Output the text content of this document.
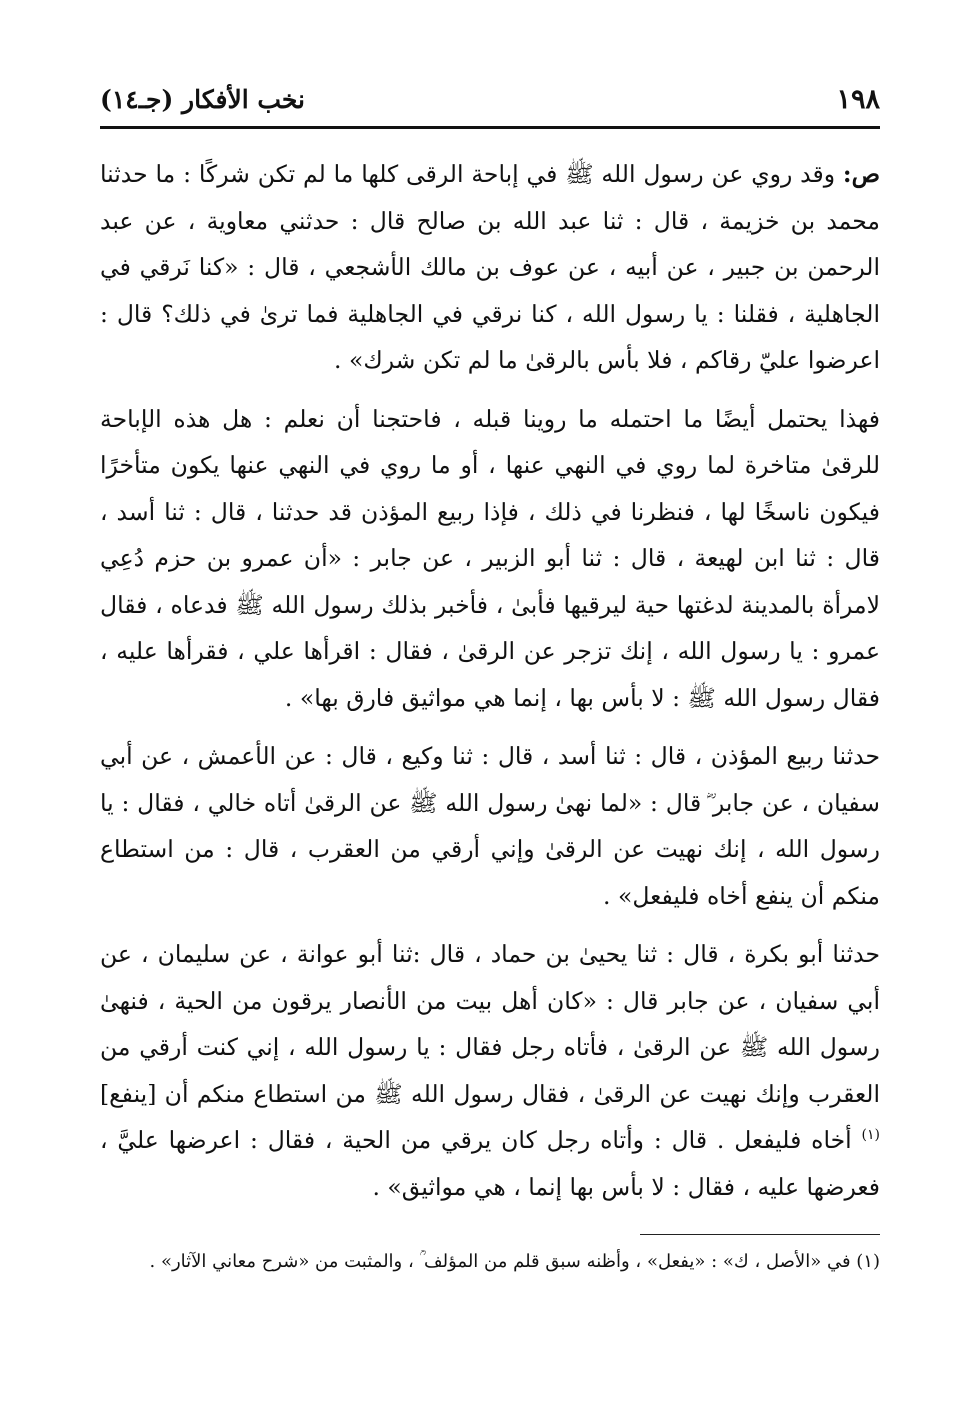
١٩٨
نخب الأفكار (جـ١٤)

ص: وقد روي عن رسول الله ﷺ في إباحة الرقى كلها ما لم تكن شركًا : ما حدثنا محمد بن خزيمة ، قال : ثنا عبد الله بن صالح قال : حدثني معاوية ، عن عبد الرحمن بن جبير ، عن أبيه ، عن عوف بن مالك الأشجعي ، قال : «كنا نَرقي في الجاهلية ، فقلنا : يا رسول الله ، كنا نرقي في الجاهلية فما ترىٰ في ذلك؟ قال : اعرضوا عليّ رقاكم ، فلا بأس بالرقىٰ ما لم تكن شرك» .

فهذا يحتمل أيضًا ما احتمله ما روينا قبله ، فاحتجنا أن نعلم : هل هذه الإباحة للرقىٰ متاخرة لما روي في النهي عنها ، أو ما روي في النهي عنها يكون متأخرًا فيكون ناسخًا لها ، فنظرنا في ذلك ، فإذا ربيع المؤذن قد حدثنا ، قال : ثنا أسد ، قال : ثنا ابن لهيعة ، قال : ثنا أبو الزبير ، عن جابر : «أن عمرو بن حزم دُعِي لامرأة بالمدينة لدغتها حية ليرقيها فأبىٰ ، فأخبر بذلك رسول الله ﷺ فدعاه ، فقال عمرو : يا رسول الله ، إنك تزجر عن الرقىٰ ، فقال : اقرأها علي ، فقرأها عليه ، فقال رسول الله ﷺ : لا بأس بها ، إنما هي مواثيق فارق بها» .

حدثنا ربيع المؤذن ، قال : ثنا أسد ، قال : ثنا وكيع ، قال : عن الأعمش ، عن أبي سفيان ، عن جابر ؓ قال : «لما نهىٰ رسول الله ﷺ عن الرقىٰ أتاه خالي ، فقال : يا رسول الله ، إنك نهيت عن الرقىٰ وإني أرقي من العقرب ، قال : من استطاع منكم أن ينفع أخاه فليفعل» .

حدثنا أبو بكرة ، قال : ثنا يحيىٰ بن حماد ، قال :ثنا أبو عوانة ، عن سليمان ، عن أبي سفيان ، عن جابر قال : «كان أهل بيت من الأنصار يرقون من الحية ، فنهىٰ رسول الله ﷺ عن الرقىٰ ، فأتاه رجل فقال : يا رسول الله ، إني كنت أرقي من العقرب وإنك نهيت عن الرقىٰ ، فقال رسول الله ﷺ من استطاع منكم أن [ينفع]$^{(١)}$ أخاه فليفعل . قال : وأتاه رجل كان يرقي من الحية ، فقال : اعرضها عليَّ ، فعرضها عليه ، فقال : لا بأس بها إنما ، هي مواثيق» .

(١) في «الأصل ، ك» : «يفعل» ، وأظنه سبق قلم من المؤلف ؒ ، والمثبت من «شرح معاني الآثار» .
